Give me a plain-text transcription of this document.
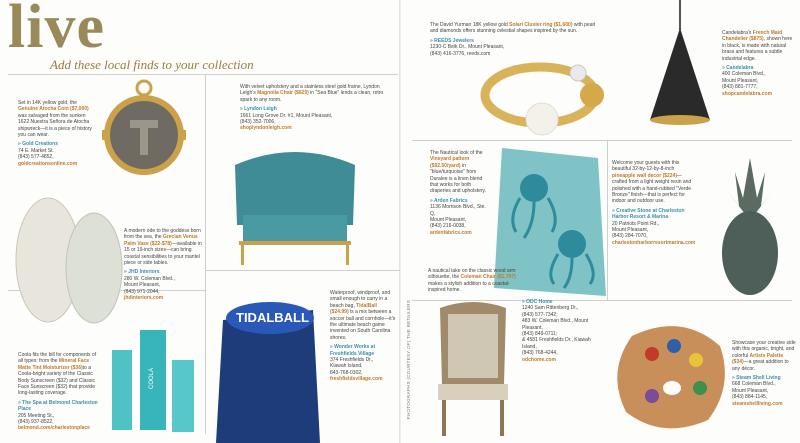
live
Add these local finds to your collection
Set in 14K yellow gold, the Genuine Atocha Coin ($7,000) was salvaged from the sunken 1622 Nuestra Señora de Atocha shipwreck—it is a piece of history you can wear.
» Gold Creations
74 E. Market St.
(843) 577-4852,
goldcreationsonline.com
A modern ode to the goddess born from the sea, the Grecian Venus Palm Vase ($22-$78)—available in 15 or 19-inch sizes—can bring coastal sensibilities to your mantel piece or side tables.
» JHD Interiors
280 W. Coleman Blvd.,
Mount Pleasant,
(843) 971-2044,
jhdinteriors.com
Coola fits the bill for components of all types: from the Mineral Face Matte Tint Moisturizer ($36)to a Coola-bright variety of the Classic Body Sunscreen ($32) and Classic Face Sunscreen ($32) that provide long-lasting coverage.
» The Spa at Belmond Charleston Place
205 Meeting St.,
(843) 937-8522,
belmond.com/charlestonplace
COOLA
With velvet upholstery and a stainless steel gold frame, Lyndon Leigh's Magnolia Chair ($629) in "Sea Blue" lends a clean, retro spark to any room.
» Lyndon Leigh
1661 Long Grove Dr. #1, Mount Pleasant,
(843) 352-7006,
shoplyndonleigh.com
TIDALBALL
Waterproof, windproof, and small enough to carry in a beach bag, TidalBall ($24.99) is a mix between a soccer ball and cornhole—it's the ultimate beach game invented on South Carolina shores.
» Wonder Works at Freshfields Village
374 Freshfields Dr.,
Kiawah Island,
843-768-0302,
freshfieldsvillage.com
The David Yurman 18K yellow gold Solari Cluster ring ($1,600) with pearl and diamonds offers stunning celestial shapes inspired by the sun.
» REEDS Jewelers
1230-C Belk Dr., Mount Pleasant,
(843) 416-3776, reeds.com
The Nautical look of the Vineyard pattern ($92.50/yard) in "blue/turquoise" from Duralee is a linen blend that works for both draperies and upholstery.
» Arden Fabrics
1136 Morrison Blvd., Ste. Q,
Mount Pleasant,
(843) 216-0038,
ardenfabrics.com
Candelabra's French Maid Chandelier ($875), shown here in black, is made with natural brass and features a subtle industrial edge.
» Candelabra
400 Coleman Blvd.,
Mount Pleasant,
(843) 881-7777,
shopcandelabra.com
Welcome your guests with this beautiful 32-by-12-by-8-inch pineapple wall decor ($224)—crafted from a light weight resin and polished with a hand-rubbed "Verde Bronze" finish—that is perfect for indoor and outdoor use.
» Creative Stone at Charleston Harbor Resort & Marina
20 Patriots Point Rd.,
Mount Pleasant,
(843) 284-7070,
charlestonharborresortmarina.com
A nautical take on the classic wood arm silhouette, the Coleman Chair ($1,797) makes a stylish addition to a coastal-inspired home.
» ODC Home
1240 Sam Rittenberg Dr.,
(843) 577-7342;
483 W. Coleman Blvd., Mount Pleasant,
(843) 849-0711;
& 4581 Freshfields Dr., Kiawah Island,
(843) 768-4244,
odchome.com
Showcase your creative side with this organic, bright, and colorful Artists Palette ($34)—a great addition to any décor.
» Steam Shell Living
668 Coleman Blvd.,
Mount Pleasant,
(843) 884-1145,
steamshellliving.com
PHOTOGRAPHS (COURTESY OF) THE RETAILERS
